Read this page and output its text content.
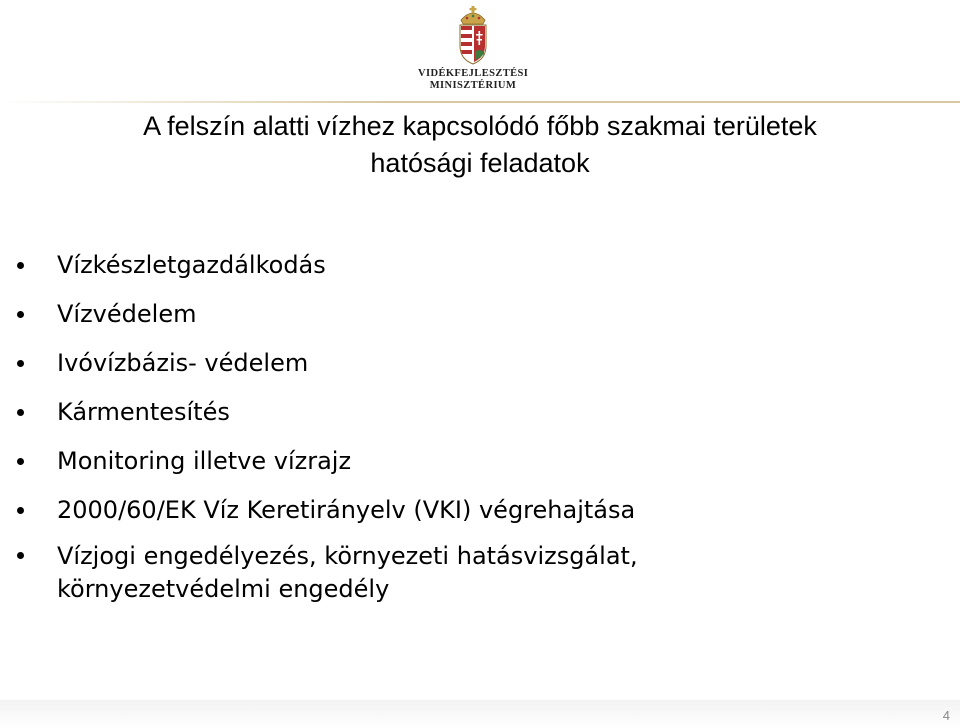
VIDÉKFEJLESZTÉSI
MINISZTÉRIUM
A felszín alatti vízhez kapcsolódó főbb szakmai területek
hatósági feladatok
Vízkészletgazdálkodás
Vízvédelem
Ivóvízbázis- védelem
Kármentesítés
Monitoring illetve vízrajz
2000/60/EK Víz Keretirányelv (VKI) végrehajtása
Vízjogi engedélyezés, környezeti hatásvizsgálat,
környezetvédelmi engedély
4
